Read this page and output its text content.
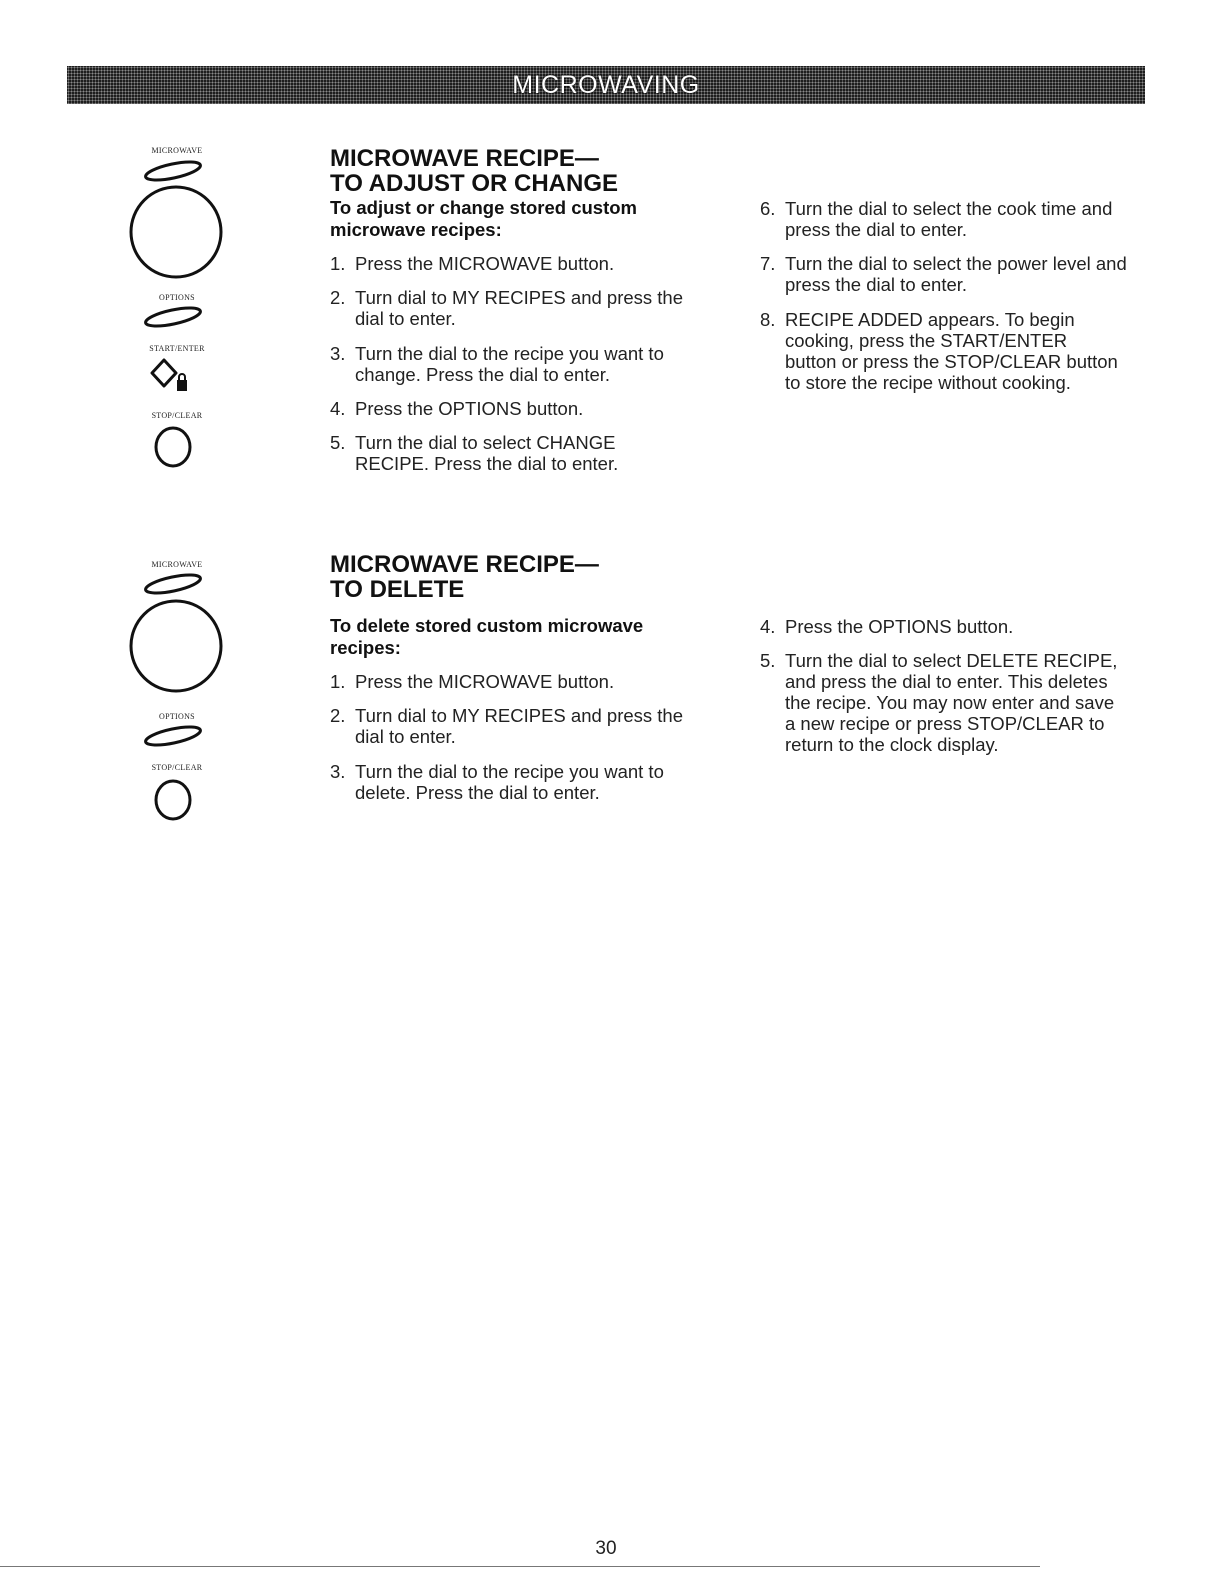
MICROWAVING
MICROWAVE
OPTIONS
START/ENTER
STOP/CLEAR
MICROWAVE RECIPE—
TO ADJUST OR CHANGE

To adjust or change stored custom microwave recipes:

1. Press the MICROWAVE button.
2. Turn dial to MY RECIPES and press the dial to enter.
3. Turn the dial to the recipe you want to change. Press the dial to enter.
4. Press the OPTIONS button.
5. Turn the dial to select CHANGE RECIPE. Press the dial to enter.
6. Turn the dial to select the cook time and press the dial to enter.
7. Turn the dial to select the power level and press the dial to enter.
8. RECIPE ADDED appears. To begin cooking, press the START/ENTER button or press the STOP/CLEAR button to store the recipe without cooking.
MICROWAVE
OPTIONS
STOP/CLEAR
MICROWAVE RECIPE—
TO DELETE

To delete stored custom microwave recipes:

1. Press the MICROWAVE button.
2. Turn dial to MY RECIPES and press the dial to enter.
3. Turn the dial to the recipe you want to delete. Press the dial to enter.
4. Press the OPTIONS button.
5. Turn the dial to select DELETE RECIPE, and press the dial to enter. This deletes the recipe. You may now enter and save a new recipe or press STOP/CLEAR to return to the clock display.
30
